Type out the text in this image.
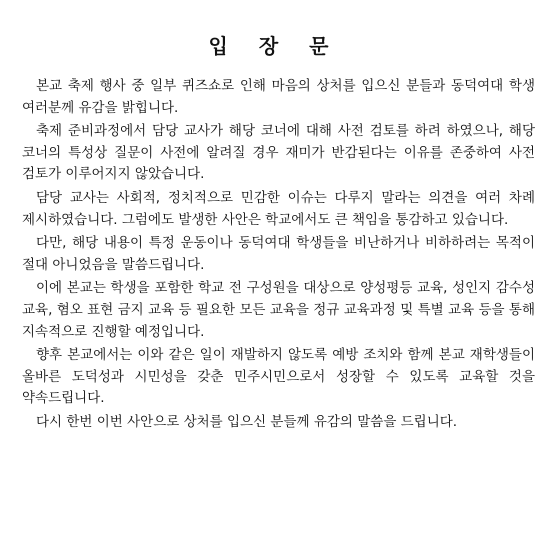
입 장 문

본교 축제 행사 중 일부 퀴즈쇼로 인해 마음의 상처를 입으신 분들과 동덕여대 학생 여러분께 유감을 밝힙니다.

축제 준비과정에서 담당 교사가 해당 코너에 대해 사전 검토를 하려 하였으나, 해당 코너의 특성상 질문이 사전에 알려질 경우 재미가 반감된다는 이유를 존중하여 사전 검토가 이루어지지 않았습니다.

담당 교사는 사회적, 정치적으로 민감한 이슈는 다루지 말라는 의견을 여러 차례 제시하였습니다. 그럼에도 발생한 사안은 학교에서도 큰 책임을 통감하고 있습니다.

다만, 해당 내용이 특정 운동이나 동덕여대 학생들을 비난하거나 비하하려는 목적이 절대 아니었음을 말씀드립니다.

이에 본교는 학생을 포함한 학교 전 구성원을 대상으로 양성평등 교육, 성인지 감수성 교육, 혐오 표현 금지 교육 등 필요한 모든 교육을 정규 교육과정 및 특별 교육 등을 통해 지속적으로 진행할 예정입니다.

향후 본교에서는 이와 같은 일이 재발하지 않도록 예방 조치와 함께 본교 재학생들이 올바른 도덕성과 시민성을 갖춘 민주시민으로서 성장할 수 있도록 교육할 것을 약속드립니다.

다시 한번 이번 사안으로 상처를 입으신 분들께 유감의 말씀을 드립니다.
